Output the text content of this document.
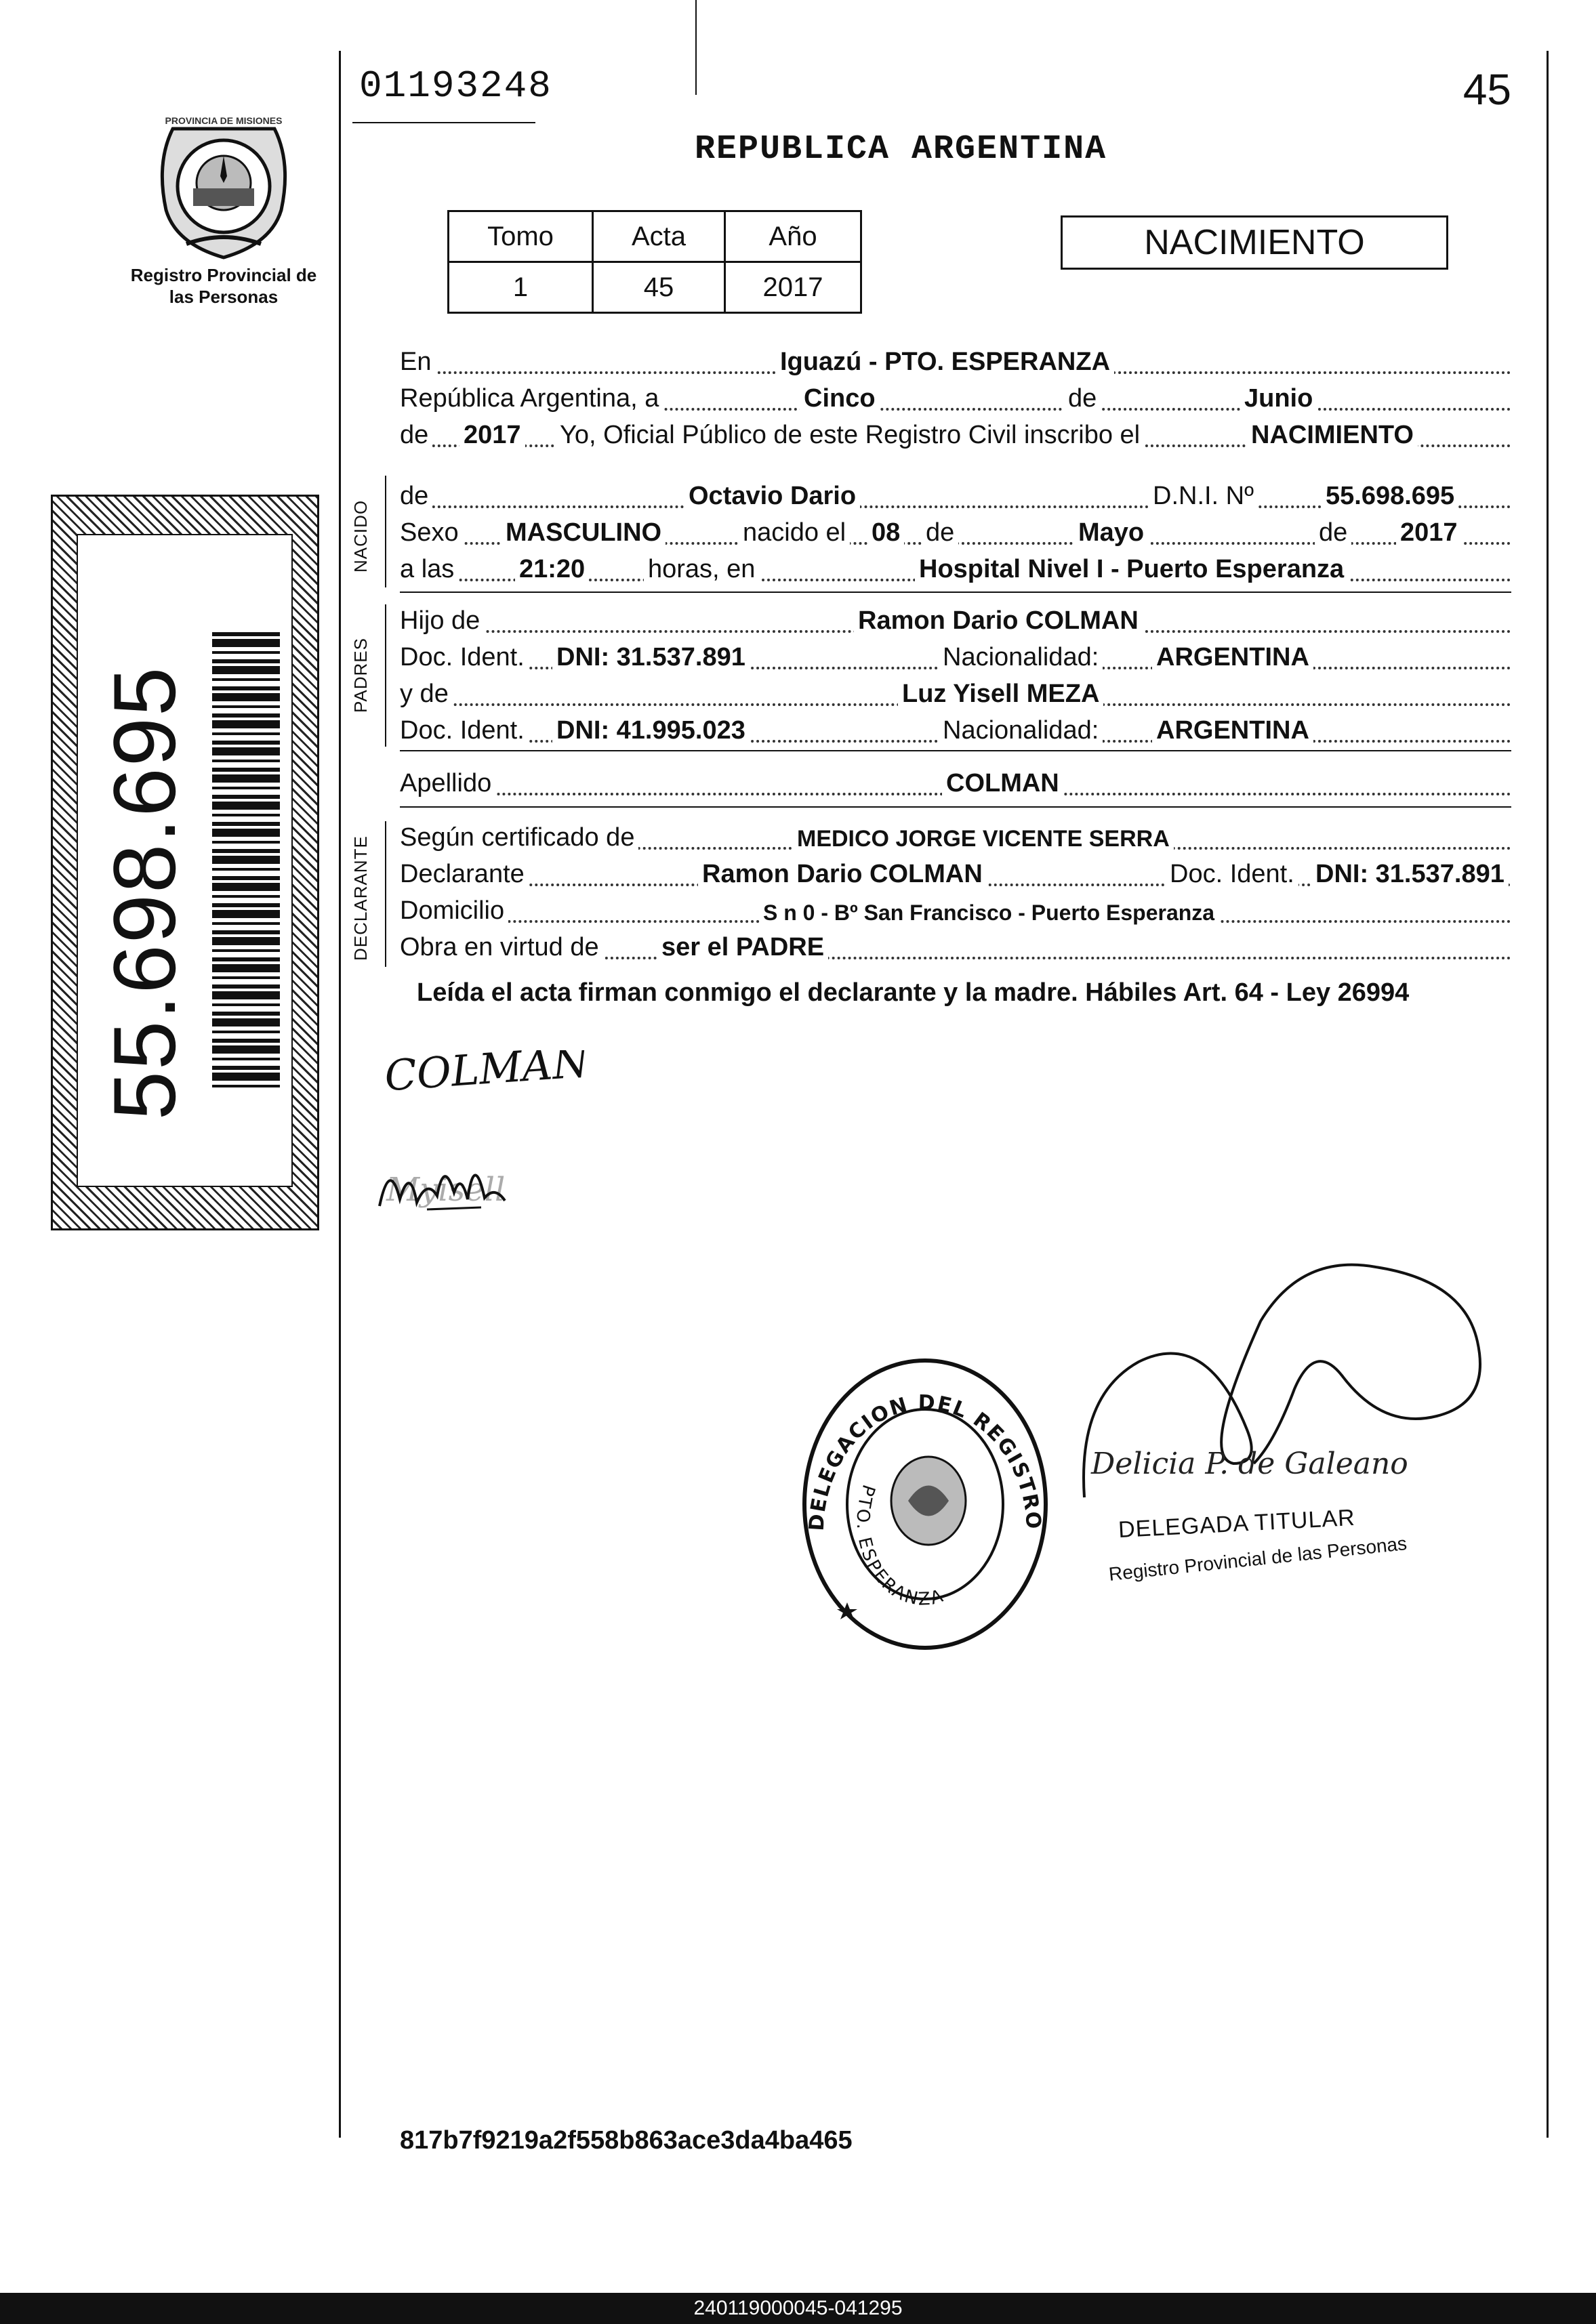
PROVINCIA DE MISIONES
Registro Provincial de las Personas
01193248	45
REPUBLICA ARGENTINA
Tomo	Acta	Año
1	45	2017
NACIMIENTO
55.698.695
En	Iguazú - PTO. ESPERANZA
República Argentina, a	Cinco	de	Junio
de 2017 Yo, Oficial Público de este Registro Civil inscribo el	NACIMIENTO
NACIDO
de	Octavio Dario	D.N.I. Nº	55.698.695
Sexo MASCULINO	nacido el 08 de	Mayo	de 2017
a las	21:20 horas, en	Hospital Nivel I - Puerto Esperanza
PADRES
Hijo de	Ramon Dario COLMAN
Doc. Ident. DNI: 31.537.891	Nacionalidad: ARGENTINA
y de	Luz Yisell MEZA
Doc. Ident. DNI: 41.995.023	Nacionalidad: ARGENTINA
Apellido	COLMAN
DECLARANTE Según certificado de	MEDICO JORGE VICENTE SERRA
Declarante	Ramon Dario COLMAN	Doc. Ident. DNI: 31.537.891
Domicilio	S n 0 - Bº San Francisco - Puerto Esperanza
Obra en virtud de ser el PADRE
Leída el acta firman conmigo el declarante y la madre. Hábiles Art. 64 - Ley 26994
COLMAN
Myisell
DELEGACION DEL REGISTRO
PTO. ESPERANZA
Delicia P. de Galeano
DELEGADA TITULAR
Registro Provincial de las Personas
817b7f9219a2f558b863ace3da4ba465
240119000045-041295
